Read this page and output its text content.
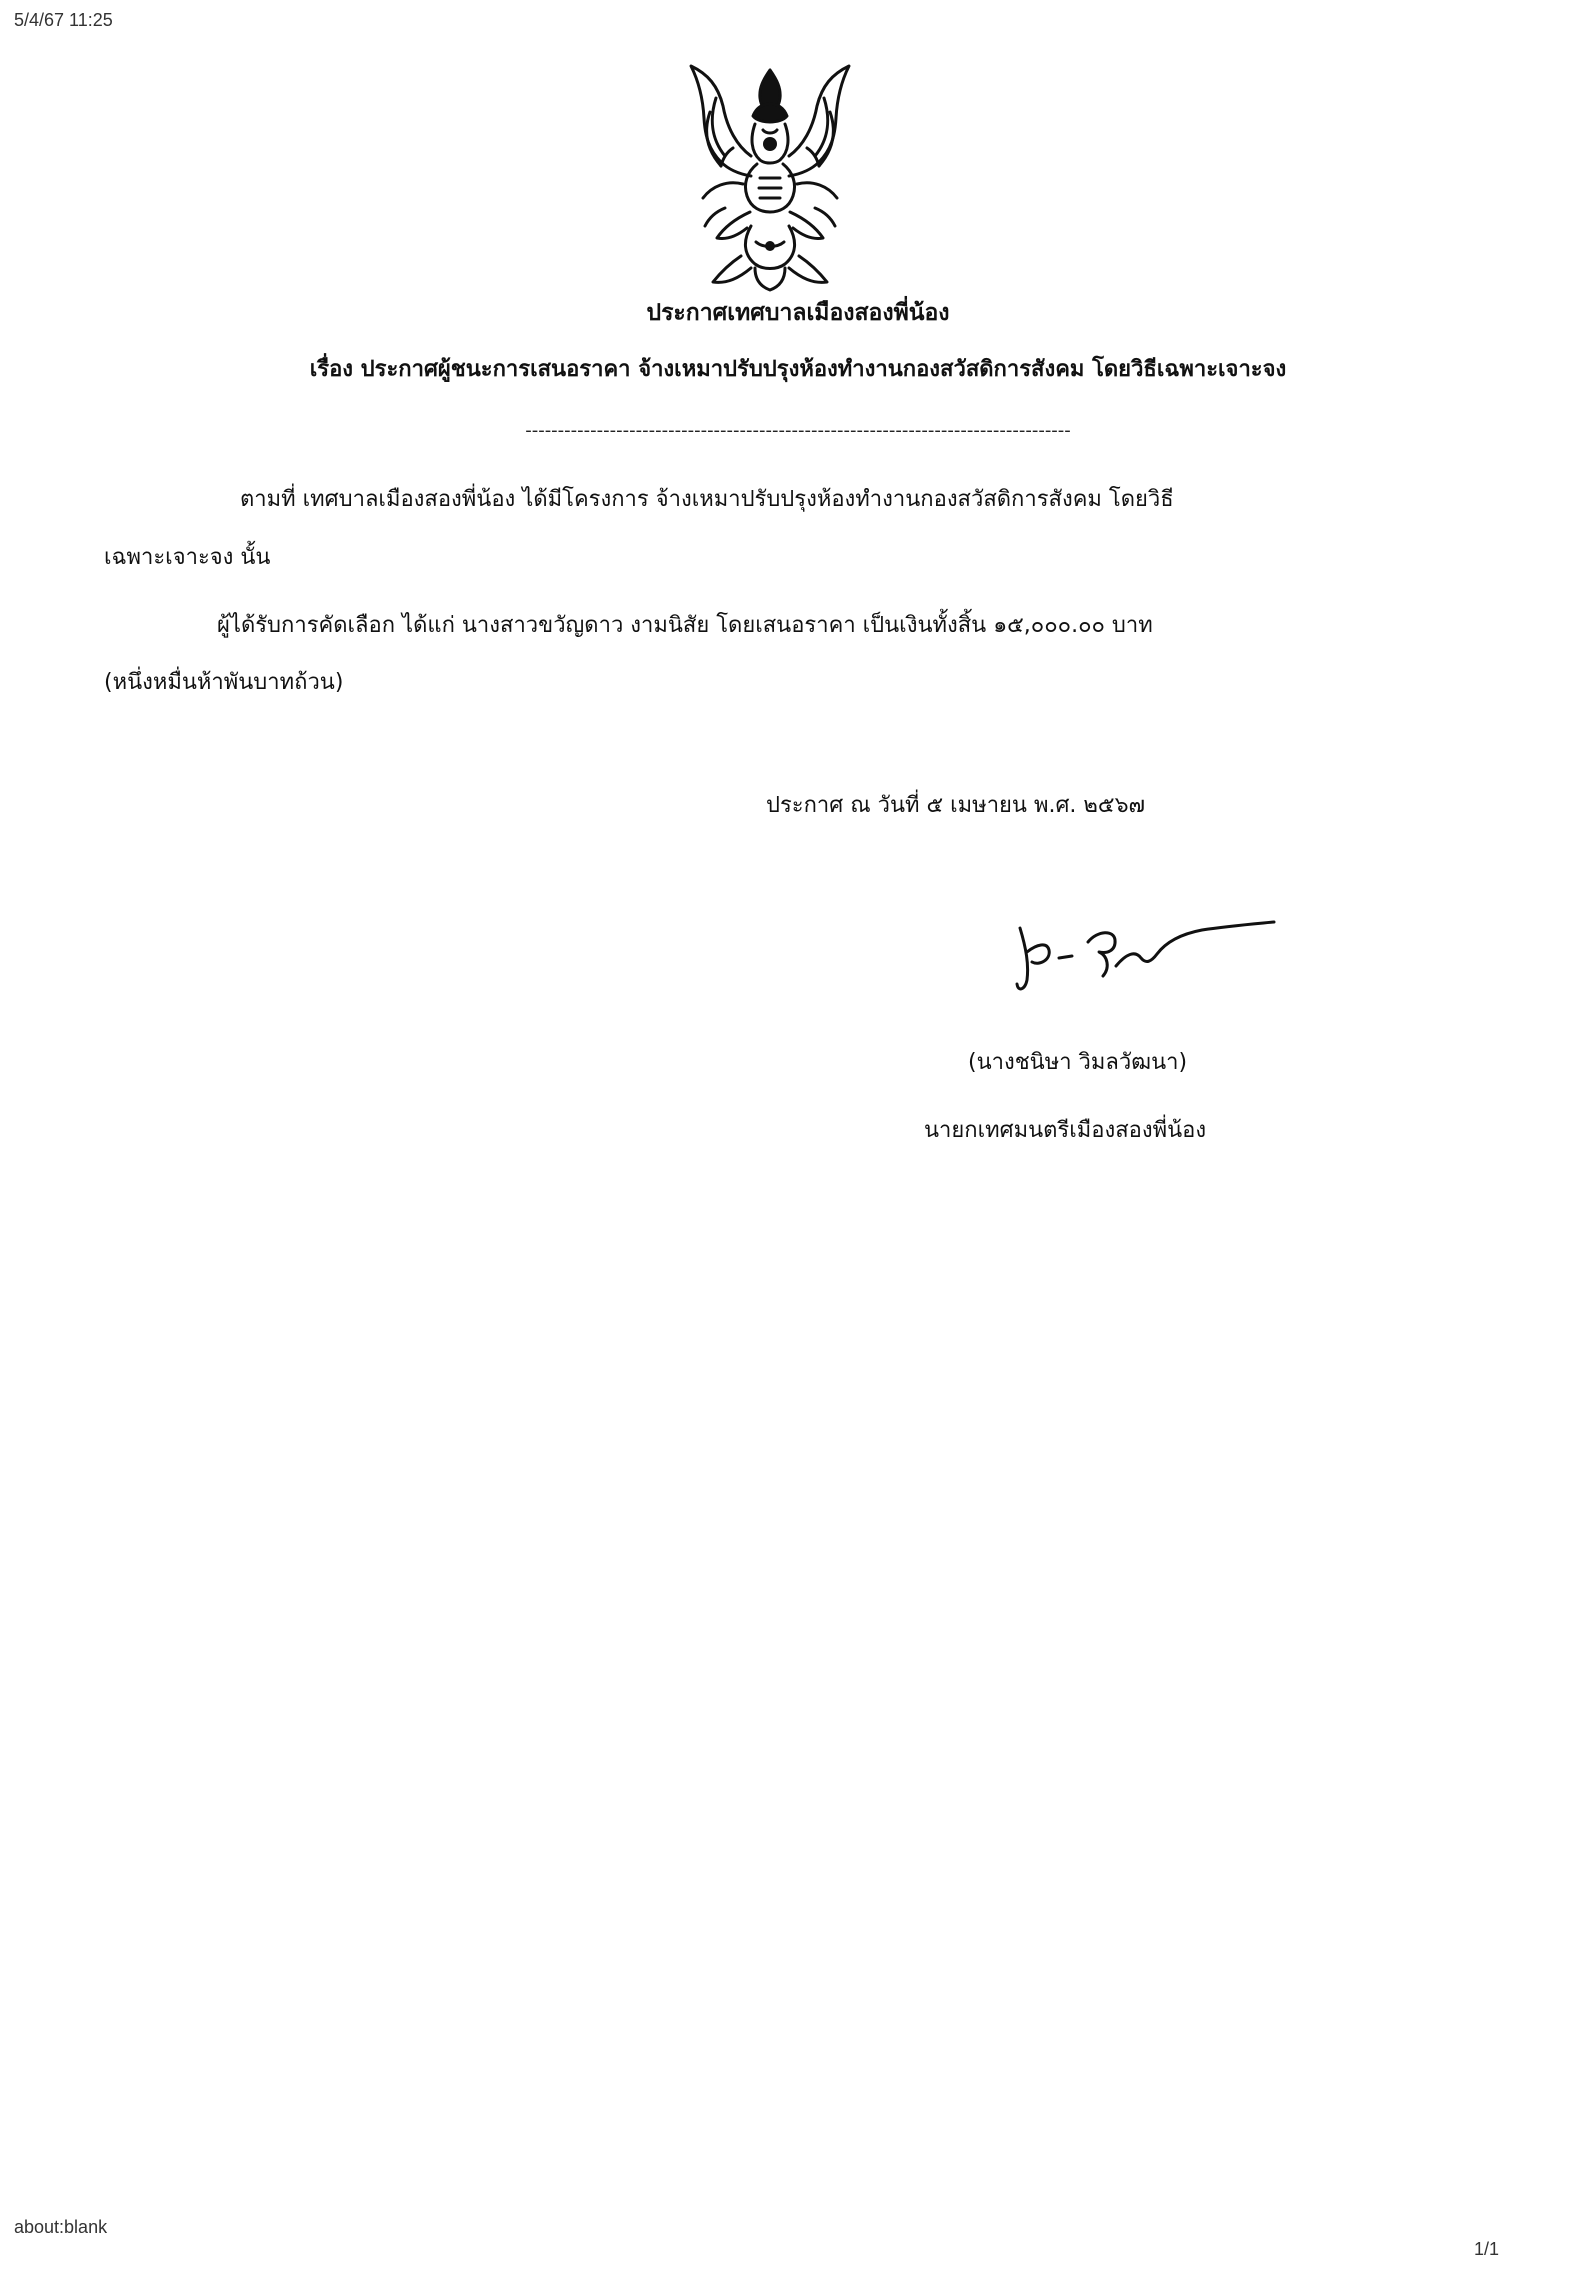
5/4/67 11:25
ประกาศเทศบาลเมืองสองพี่น้อง
เรื่อง ประกาศผู้ชนะการเสนอราคา จ้างเหมาปรับปรุงห้องทำงานกองสวัสดิการสังคม โดยวิธีเฉพาะเจาะจง
------------------------------------------------------------------------------------
ตามที่ เทศบาลเมืองสองพี่น้อง ได้มีโครงการ จ้างเหมาปรับปรุงห้องทำงานกองสวัสดิการสังคม โดยวิธี
เฉพาะเจาะจง นั้น
ผู้ได้รับการคัดเลือก ได้แก่ นางสาวขวัญดาว งามนิสัย โดยเสนอราคา เป็นเงินทั้งสิ้น ๑๕,๐๐๐.๐๐ บาท
(หนึ่งหมื่นห้าพันบาทถ้วน)
ประกาศ ณ วันที่ ๕ เมษายน พ.ศ. ๒๕๖๗
(นางชนิษา วิมลวัฒนา)
นายกเทศมนตรีเมืองสองพี่น้อง
about:blank
1/1
